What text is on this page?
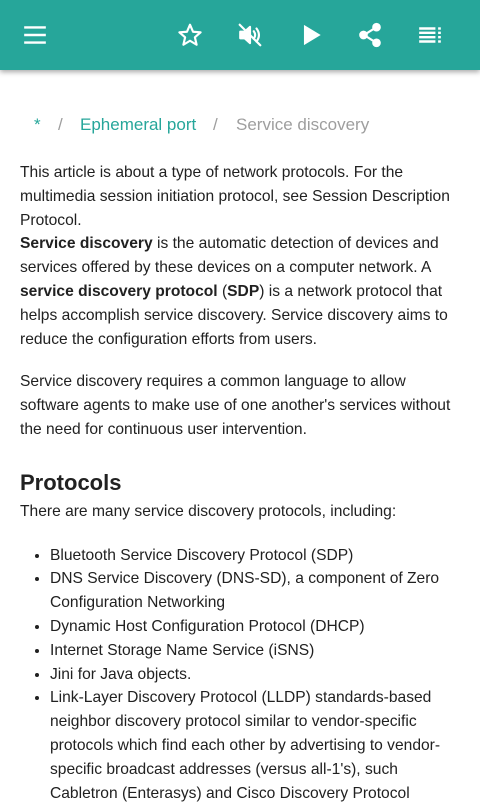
* / Ephemeral port / Service discovery

This article is about a type of network protocols. For the multimedia session initiation protocol, see Session Description Protocol.

Service discovery is the automatic detection of devices and services offered by these devices on a computer network. A service discovery protocol (SDP) is a network protocol that helps accomplish service discovery. Service discovery aims to reduce the configuration efforts from users.

Service discovery requires a common language to allow software agents to make use of one another's services without the need for continuous user intervention.

Protocols

There are many service discovery protocols, including:

• Bluetooth Service Discovery Protocol (SDP)
• DNS Service Discovery (DNS-SD), a component of Zero Configuration Networking
• Dynamic Host Configuration Protocol (DHCP)
• Internet Storage Name Service (iSNS)
• Jini for Java objects.
• Link-Layer Discovery Protocol (LLDP) standards-based neighbor discovery protocol similar to vendor-specific protocols which find each other by advertising to vendor-specific broadcast addresses (versus all-1's), such Cabletron (Enterasys) and Cisco Discovery Protocol
